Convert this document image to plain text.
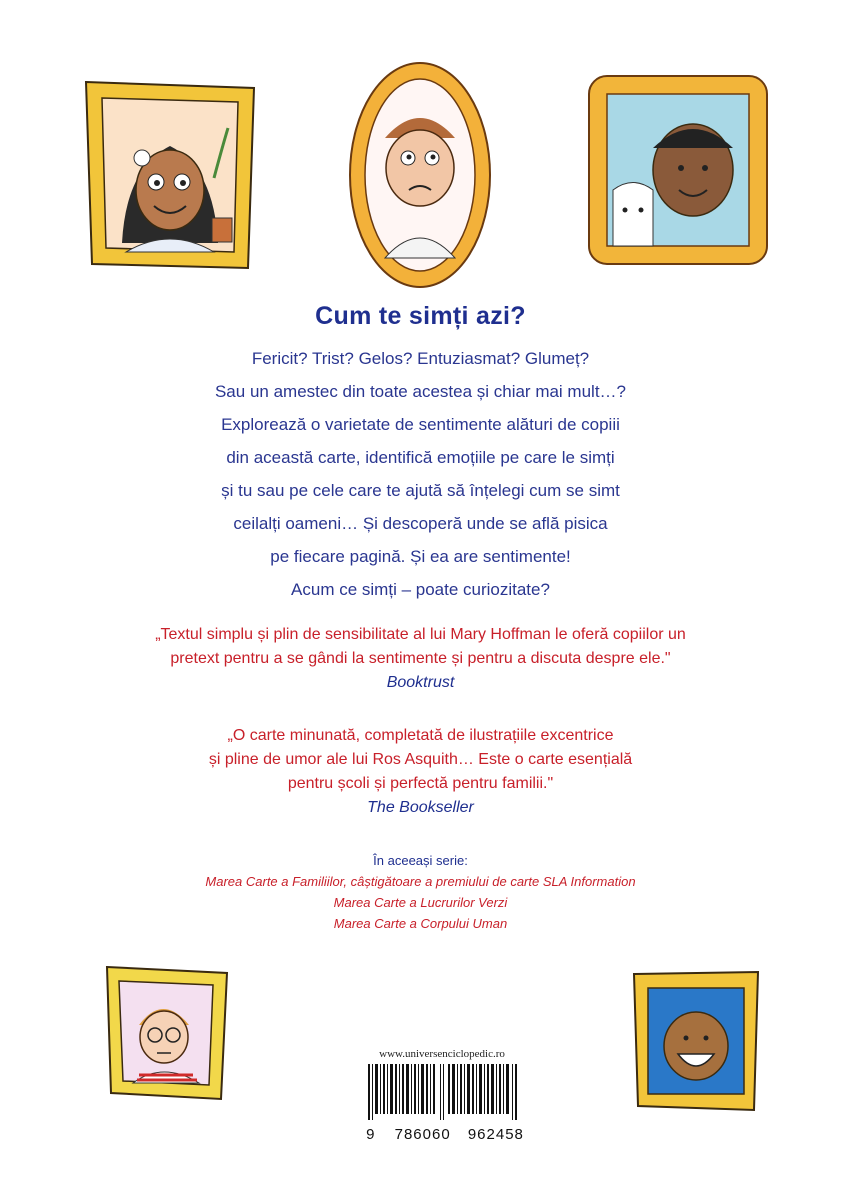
Cum te simți azi?
Fericit? Trist? Gelos? Entuziasmat? Glumeț?
Sau un amestec din toate acestea și chiar mai mult…?
Explorează o varietate de sentimente alături de copiii
din această carte, identifică emoțiile pe care le simți
și tu sau pe cele care te ajută să înțelegi cum se simt
ceilalți oameni… Și descoperă unde se află pisica
pe fiecare pagină. Și ea are sentimente!
Acum ce simți – poate curiozitate?
„Textul simplu și plin de sensibilitate al lui Mary Hoffman le oferă copiilor un
pretext pentru a se gândi la sentimente și pentru a discuta despre ele."
Booktrust
„O carte minunată, completată de ilustrațiile excentrice
și pline de umor ale lui Ros Asquith… Este o carte esențială
pentru școli și perfectă pentru familii."
The Bookseller
În aceeași serie:
Marea Carte a Familiilor, câștigătoare a premiului de carte SLA Information
Marea Carte a Lucrurilor Verzi
Marea Carte a Corpului Uman
www.universenciclopedic.ro
9 786060 962458
